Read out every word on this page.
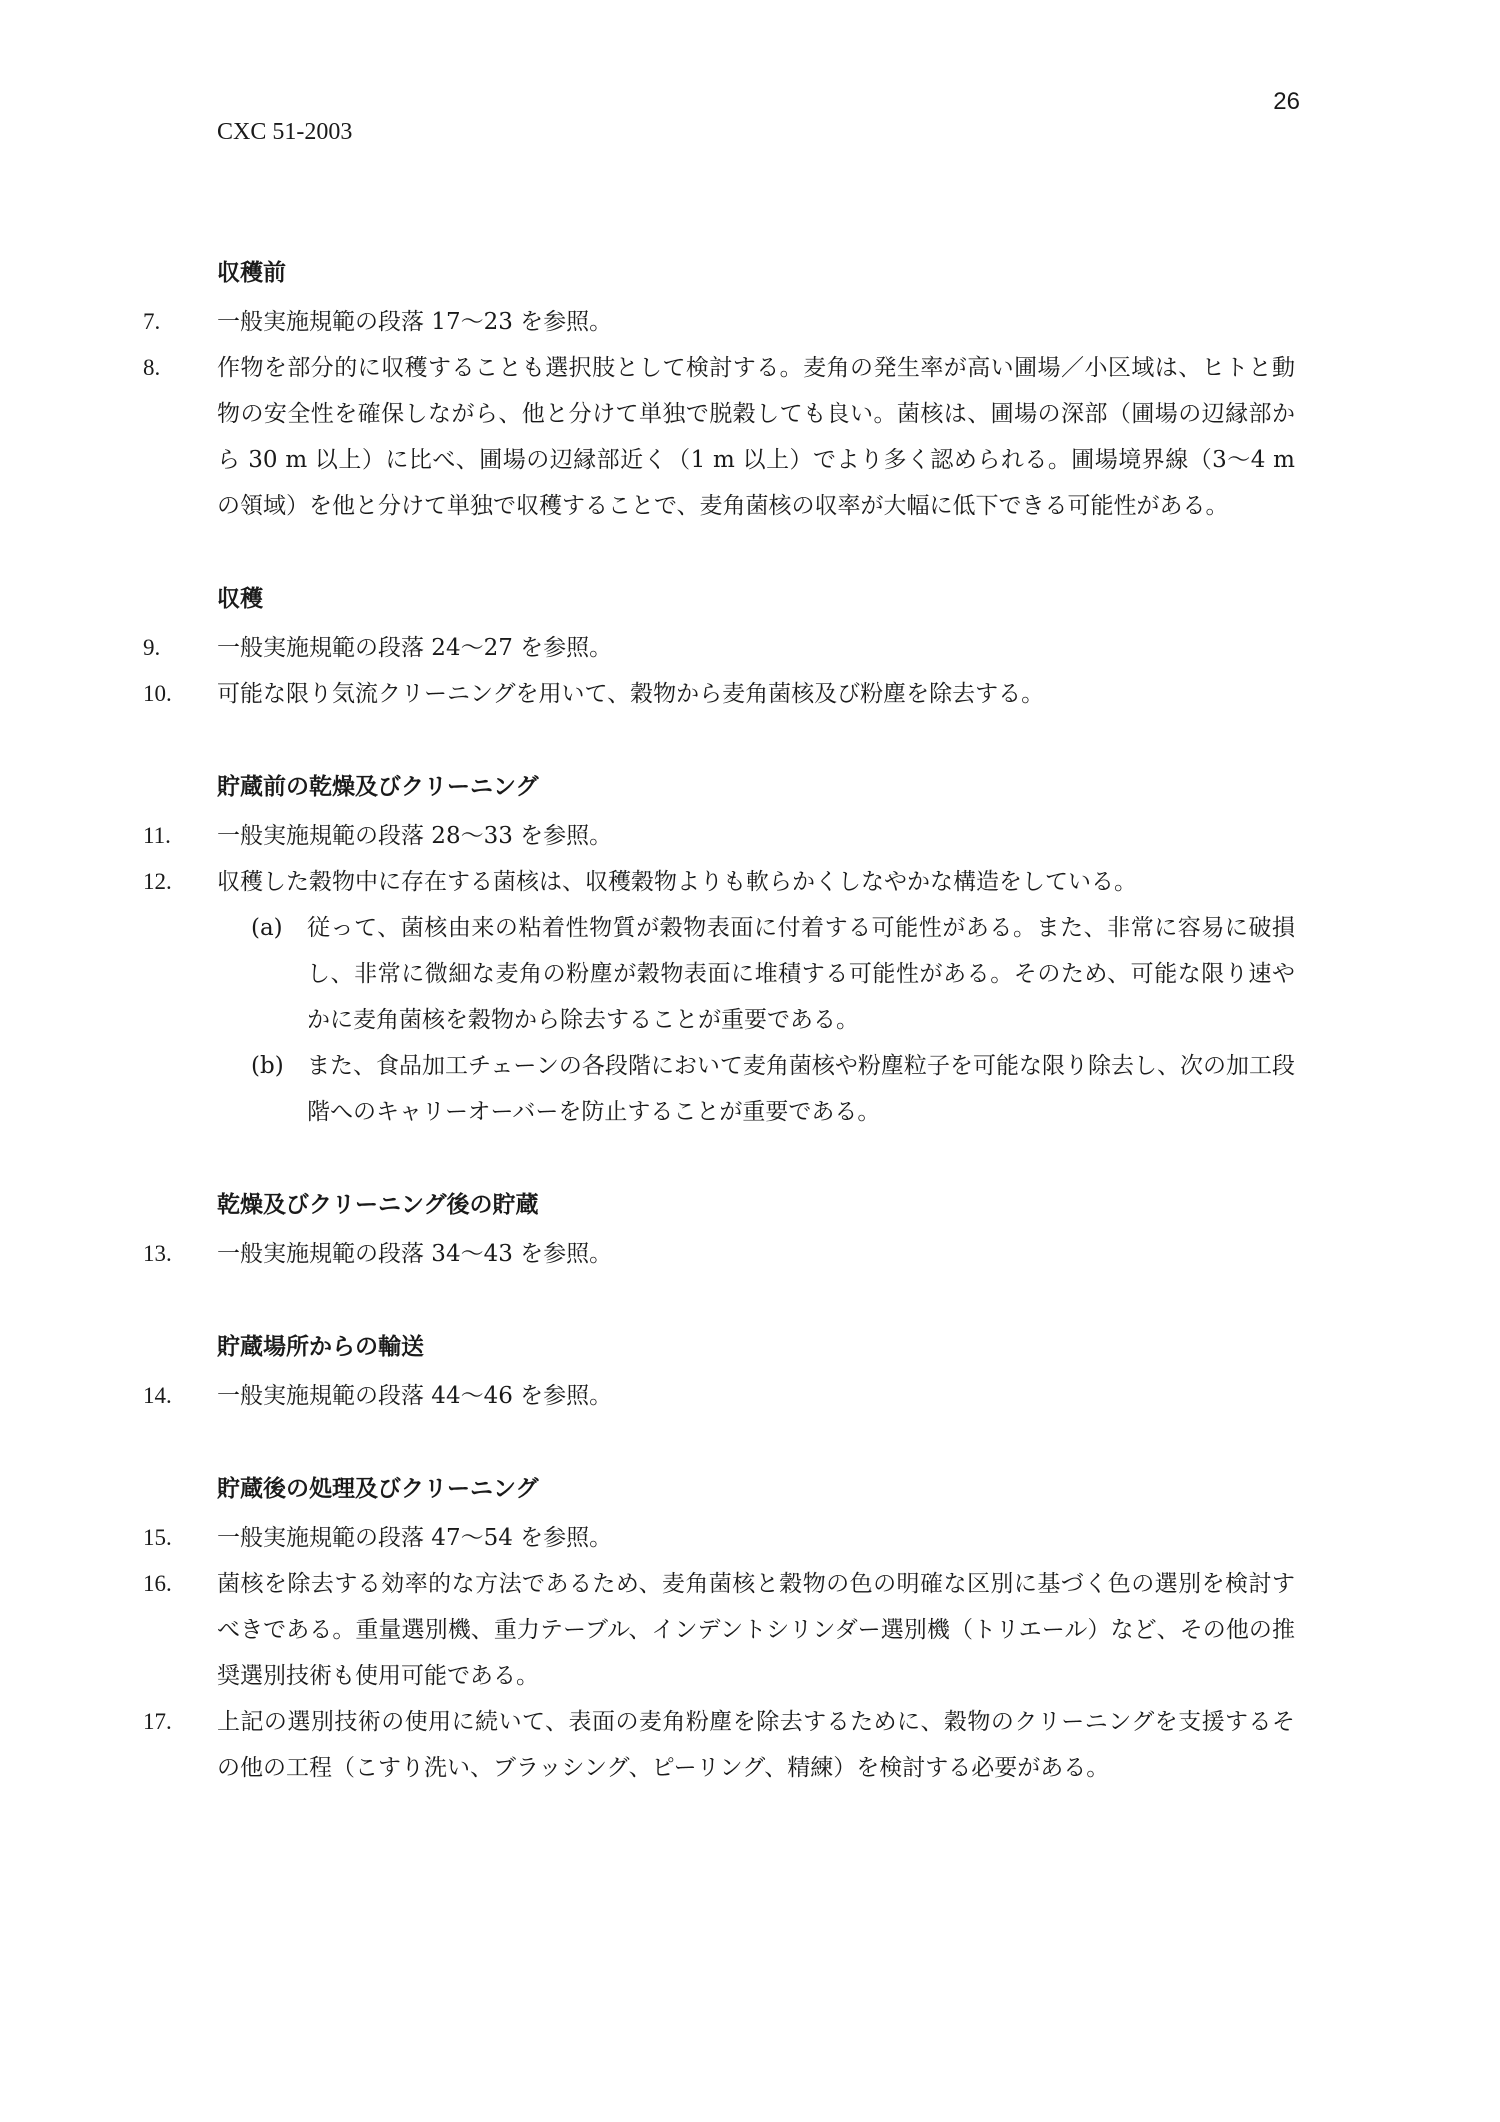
26
CXC 51-2003
収穫前
7.	一般実施規範の段落 17～23 を参照。
8.	作物を部分的に収穫することも選択肢として検討する。麦角の発生率が高い圃場／小区域は、ヒトと動物の安全性を確保しながら、他と分けて単独で脱穀しても良い。菌核は、圃場の深部（圃場の辺縁部から 30 m 以上）に比べ、圃場の辺縁部近く（1 m 以上）でより多く認められる。圃場境界線（3～4 m の領域）を他と分けて単独で収穫することで、麦角菌核の収率が大幅に低下できる可能性がある。
収穫
9.	一般実施規範の段落 24～27 を参照。
10.	可能な限り気流クリーニングを用いて、穀物から麦角菌核及び粉塵を除去する。
貯蔵前の乾燥及びクリーニング
11.	一般実施規範の段落 28～33 を参照。
12.	収穫した穀物中に存在する菌核は、収穫穀物よりも軟らかくしなやかな構造をしている。
(a)	従って、菌核由来の粘着性物質が穀物表面に付着する可能性がある。また、非常に容易に破損し、非常に微細な麦角の粉塵が穀物表面に堆積する可能性がある。そのため、可能な限り速やかに麦角菌核を穀物から除去することが重要である。
(b)	また、食品加工チェーンの各段階において麦角菌核や粉塵粒子を可能な限り除去し、次の加工段階へのキャリーオーバーを防止することが重要である。
乾燥及びクリーニング後の貯蔵
13.	一般実施規範の段落 34～43 を参照。
貯蔵場所からの輸送
14.	一般実施規範の段落 44～46 を参照。
貯蔵後の処理及びクリーニング
15.	一般実施規範の段落 47～54 を参照。
16.	菌核を除去する効率的な方法であるため、麦角菌核と穀物の色の明確な区別に基づく色の選別を検討すべきである。重量選別機、重力テーブル、インデントシリンダー選別機（トリエール）など、その他の推奨選別技術も使用可能である。
17.	上記の選別技術の使用に続いて、表面の麦角粉塵を除去するために、穀物のクリーニングを支援するその他の工程（こすり洗い、ブラッシング、ピーリング、精練）を検討する必要がある。
